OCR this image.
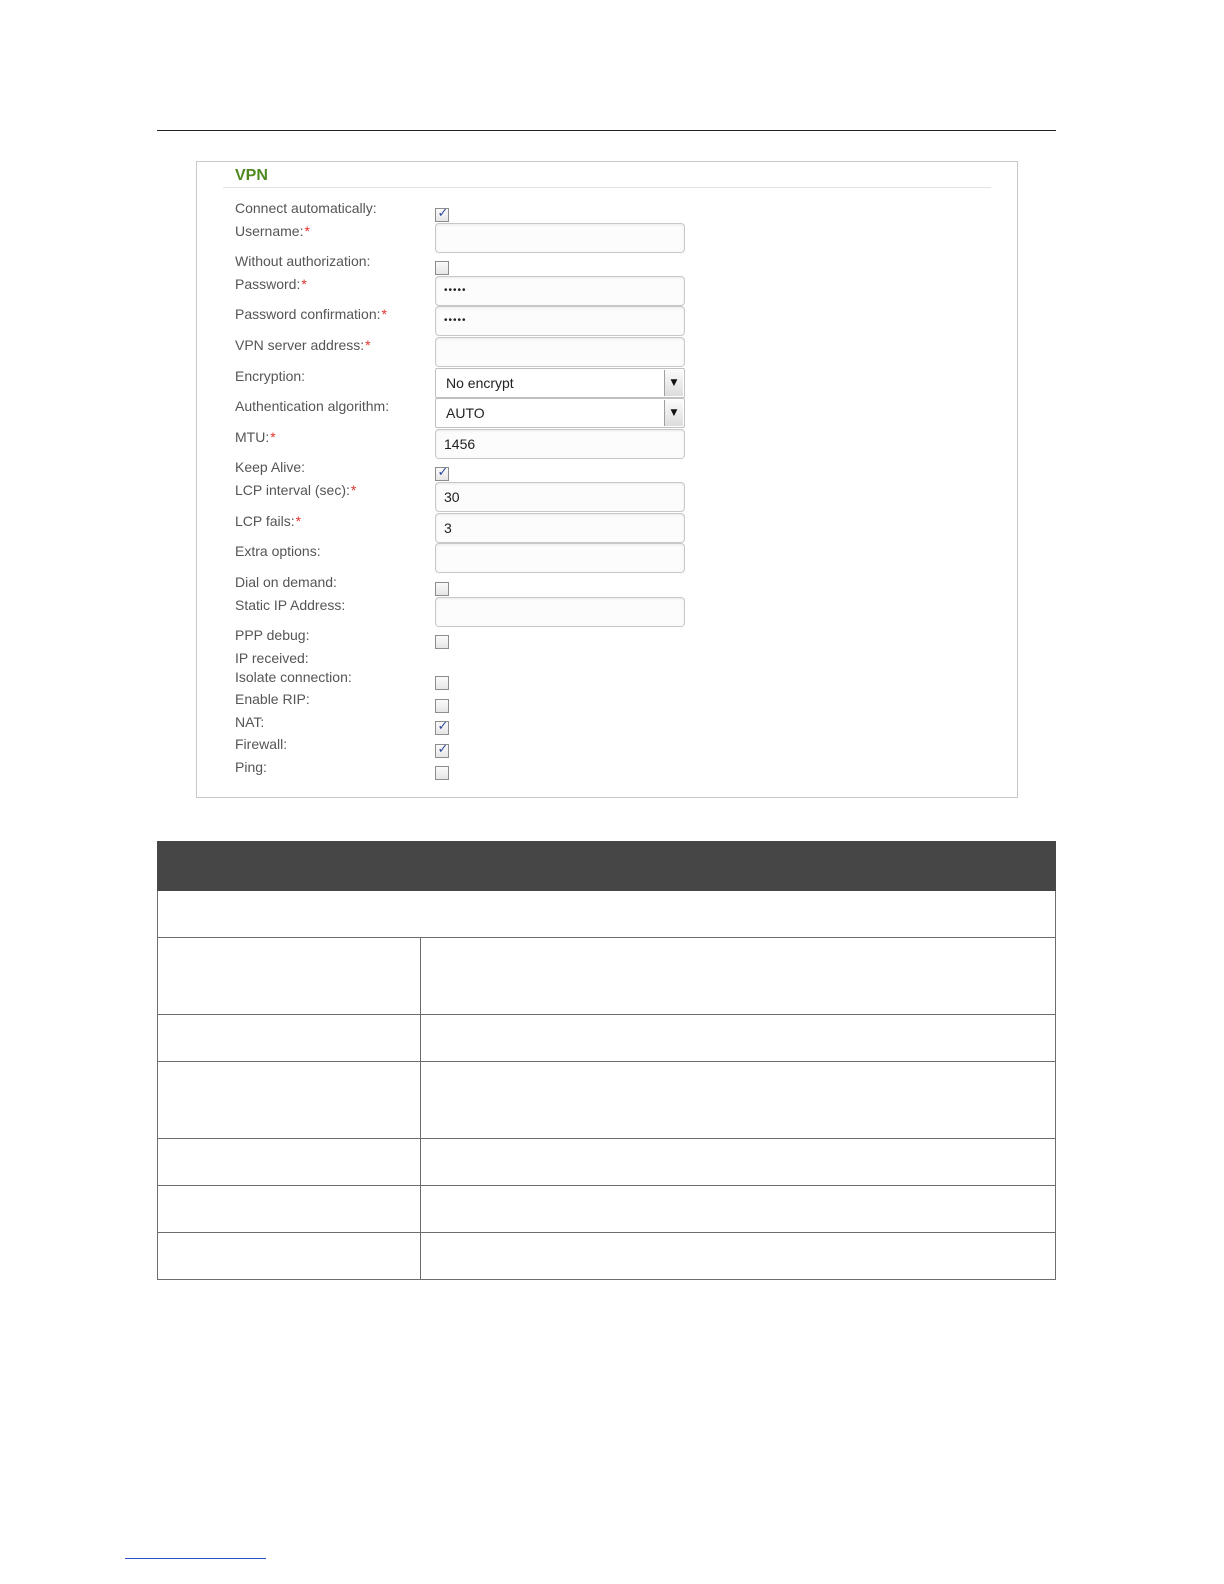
VPN
Connect automatically:	✓
Username:*
Without authorization:
Password:*	•••••
Password confirmation:*	•••••
VPN server address:*
Encryption:	No encrypt	▼
Authentication algorithm:	AUTO	▼
MTU:*	1456
Keep Alive:	✓
LCP interval (sec):*	30
LCP fails:*	3
Extra options:
Dial on demand:
Static IP Address:
PPP debug:
IP received:
Isolate connection:
Enable RIP:
NAT:	✓
Firewall:	✓
Ping:
